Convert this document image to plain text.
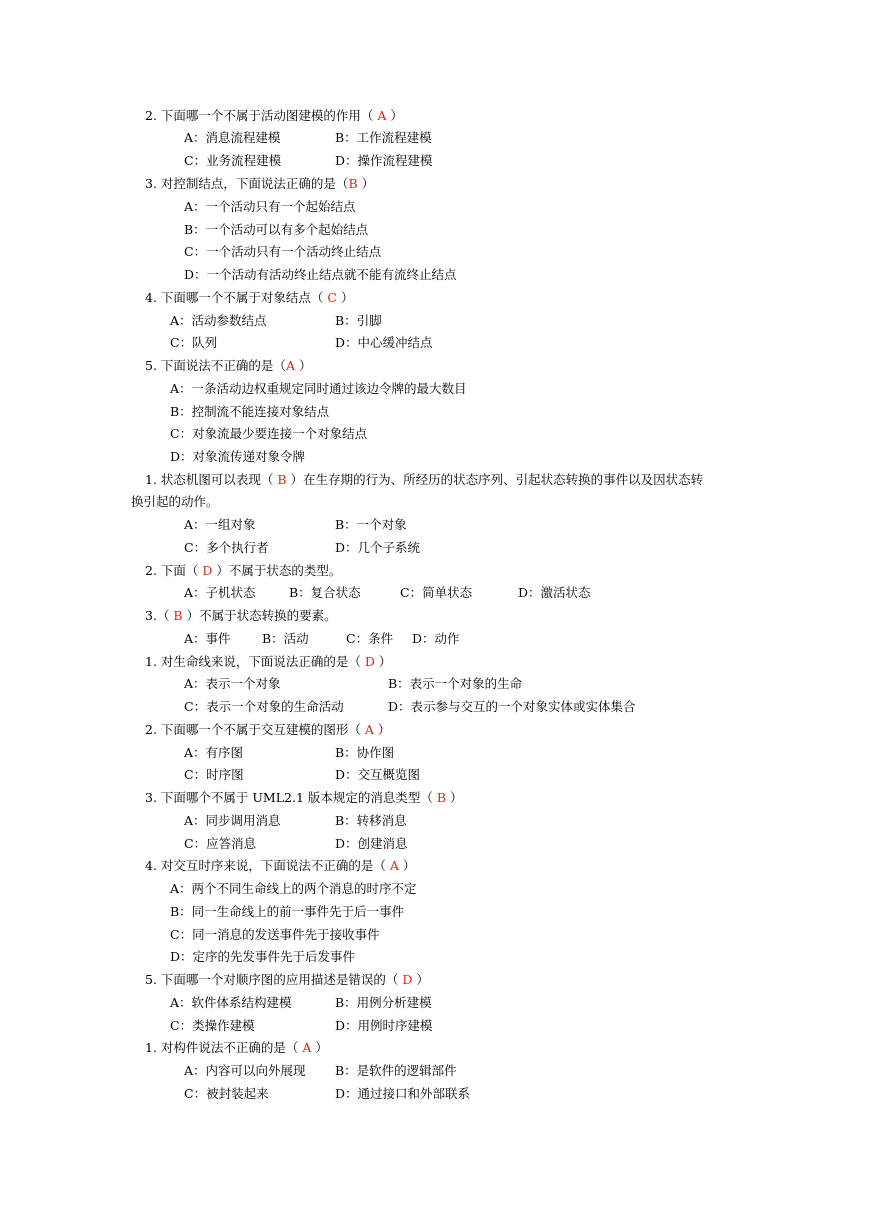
2. 下面哪一个不属于活动图建模的作用（ A ）
A：消息流程建模	B：工作流程建模
C：业务流程建模	D：操作流程建模
3. 对控制结点，下面说法正确的是（B ）
A：一个活动只有一个起始结点
B：一个活动可以有多个起始结点
C：一个活动只有一个活动终止结点
D：一个活动有活动终止结点就不能有流终止结点
4. 下面哪一个不属于对象结点（ C ）
A：活动参数结点	B：引脚
C：队列	D：中心缓冲结点
5. 下面说法不正确的是（A ）
A：一条活动边权重规定同时通过该边令牌的最大数目
B：控制流不能连接对象结点
C：对象流最少要连接一个对象结点
D：对象流传递对象令牌
1. 状态机图可以表现（ B ）在生存期的行为、所经历的状态序列、引起状态转换的事件以及因状态转
换引起的动作。
A：一组对象	B：一个对象
C：多个执行者	D：几个子系统
2. 下面（ D ）不属于状态的类型。
A：子机状态	B：复合状态	C：简单状态	D：激活状态
3.（ B ）不属于状态转换的要素。
A：事件	B：活动	C：条件 D：动作
1. 对生命线来说，下面说法正确的是（ D ）
A：表示一个对象	B：表示一个对象的生命
C：表示一个对象的生命活动	D：表示参与交互的一个对象实体或实体集合
2. 下面哪一个不属于交互建模的图形（ A ）
A：有序图	B：协作图
C：时序图	D：交互概览图
3. 下面哪个不属于 UML2.1 版本规定的消息类型（ B ）
A：同步调用消息	B：转移消息
C：应答消息	D：创建消息
4. 对交互时序来说，下面说法不正确的是（ A ）
A：两个不同生命线上的两个消息的时序不定
B：同一生命线上的前一事件先于后一事件
C：同一消息的发送事件先于接收事件
D：定序的先发事件先于后发事件
5. 下面哪一个对顺序图的应用描述是错误的（ D ）
A：软件体系结构建模	B：用例分析建模
C：类操作建模	D：用例时序建模
1. 对构件说法不正确的是（ A ）
A：内容可以向外展现 B：是软件的逻辑部件
C：被封装起来	D：通过接口和外部联系
